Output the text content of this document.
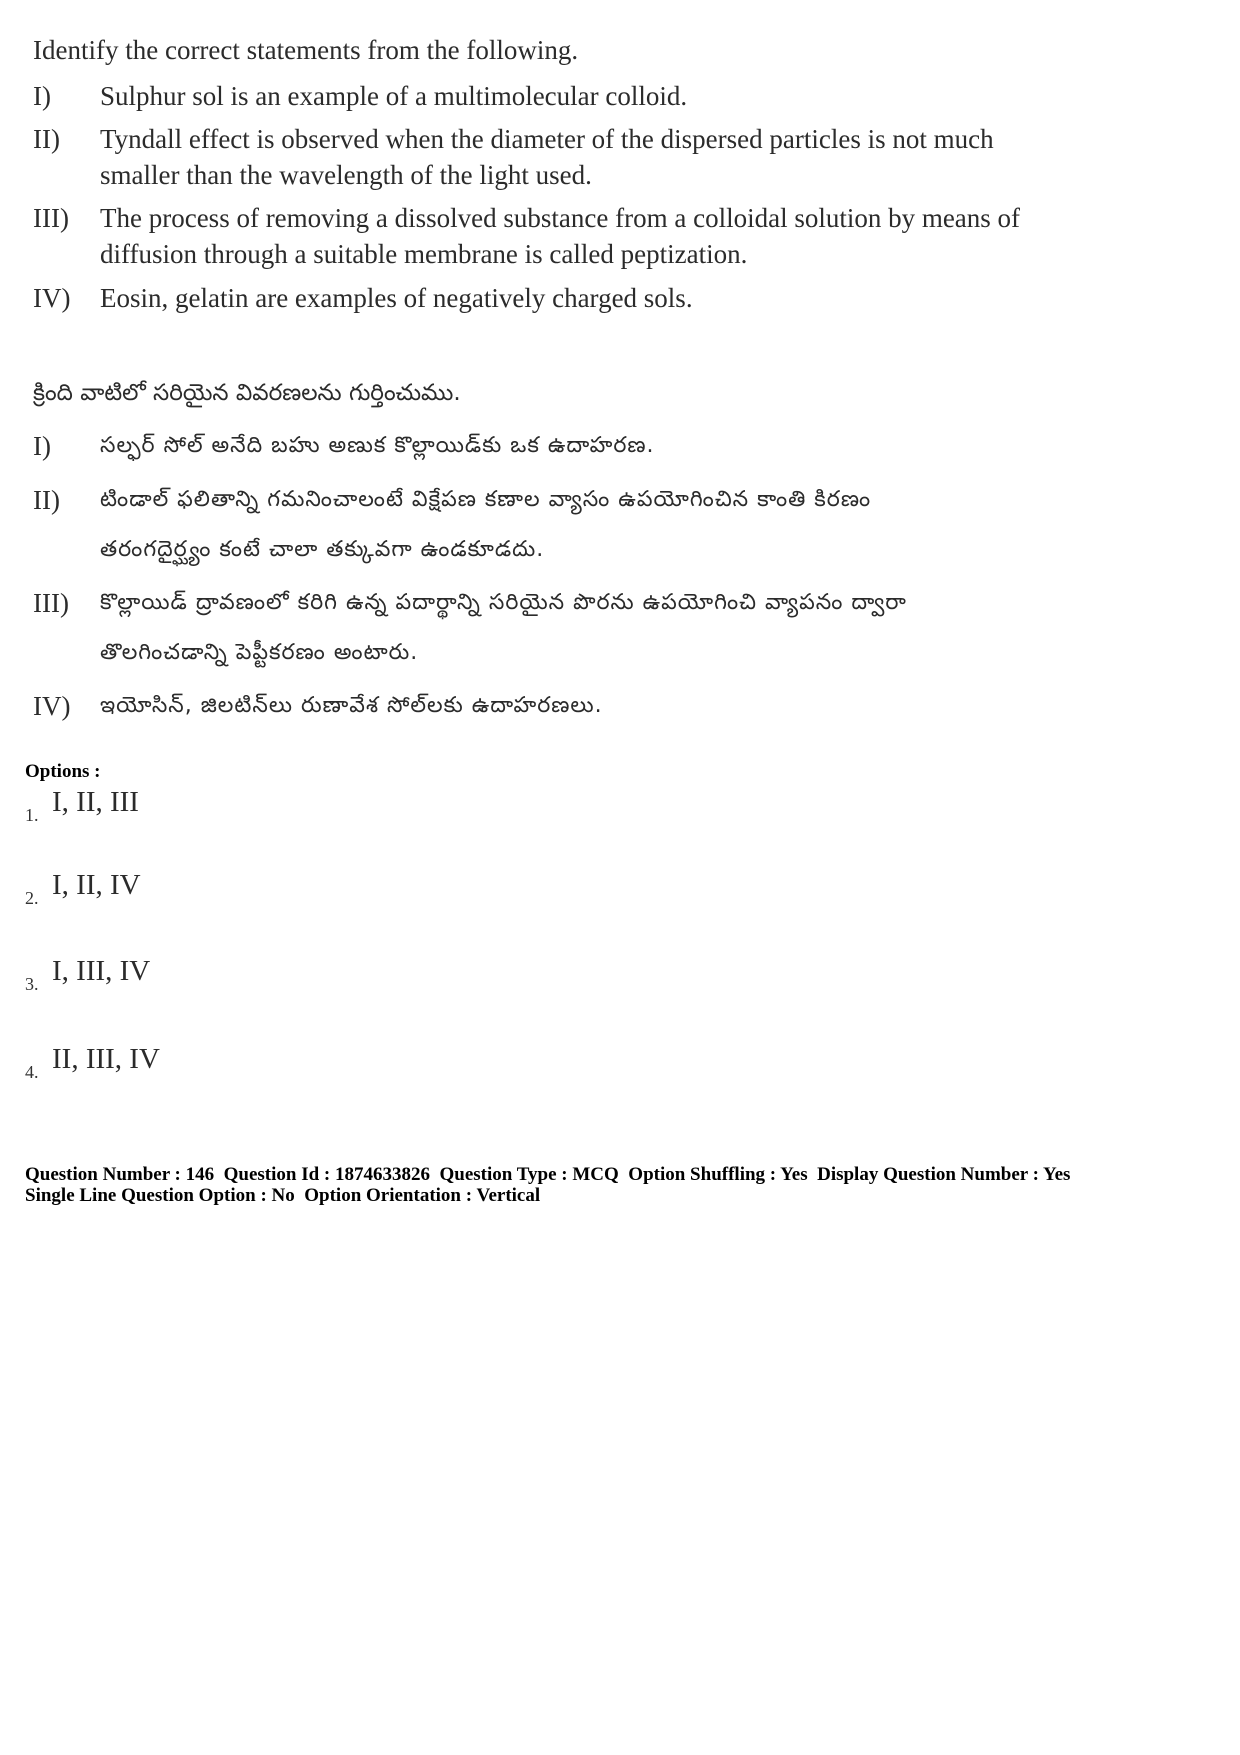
Identify the correct statements from the following.
I)	Sulphur sol is an example of a multimolecular colloid.
II)	Tyndall effect is observed when the diameter of the dispersed particles is not much
smaller than the wavelength of the light used.
III)	The process of removing a dissolved substance from a colloidal solution by means of
diffusion through a suitable membrane is called peptization.
IV)	Eosin, gelatin are examples of negatively charged sols.
క్రింది వాటిలో సరియైన వివరణలను గుర్తించుము.
I)	సల్ఫర్ సోల్ అనేది బహు అణుక కొల్లాయిడ్‌కు ఒక ఉదాహరణ.
II)	టిండాల్ ఫలితాన్ని గమనించాలంటే విక్షేపణ కణాల వ్యాసం ఉపయోగించిన కాంతి కిరణం
తరంగదైర్ఘ్యం కంటే చాలా తక్కువగా ఉండకూడదు.
III)	కొల్లాయిడ్ ద్రావణంలో కరిగి ఉన్న పదార్థాన్ని సరియైన పొరను ఉపయోగించి వ్యాపనం ద్వారా
తొలగించడాన్ని పెప్టీకరణం అంటారు.
IV)	ఇయోసిన్, జిలటిన్‌లు రుణావేశ సోల్‌లకు ఉదాహరణలు.
Options :
1. I, II, III
2. I, II, IV
3. I, III, IV
4. II, III, IV
Question Number : 146  Question Id : 1874633826  Question Type : MCQ  Option Shuffling : Yes  Display Question Number : Yes
Single Line Question Option : No  Option Orientation : Vertical
